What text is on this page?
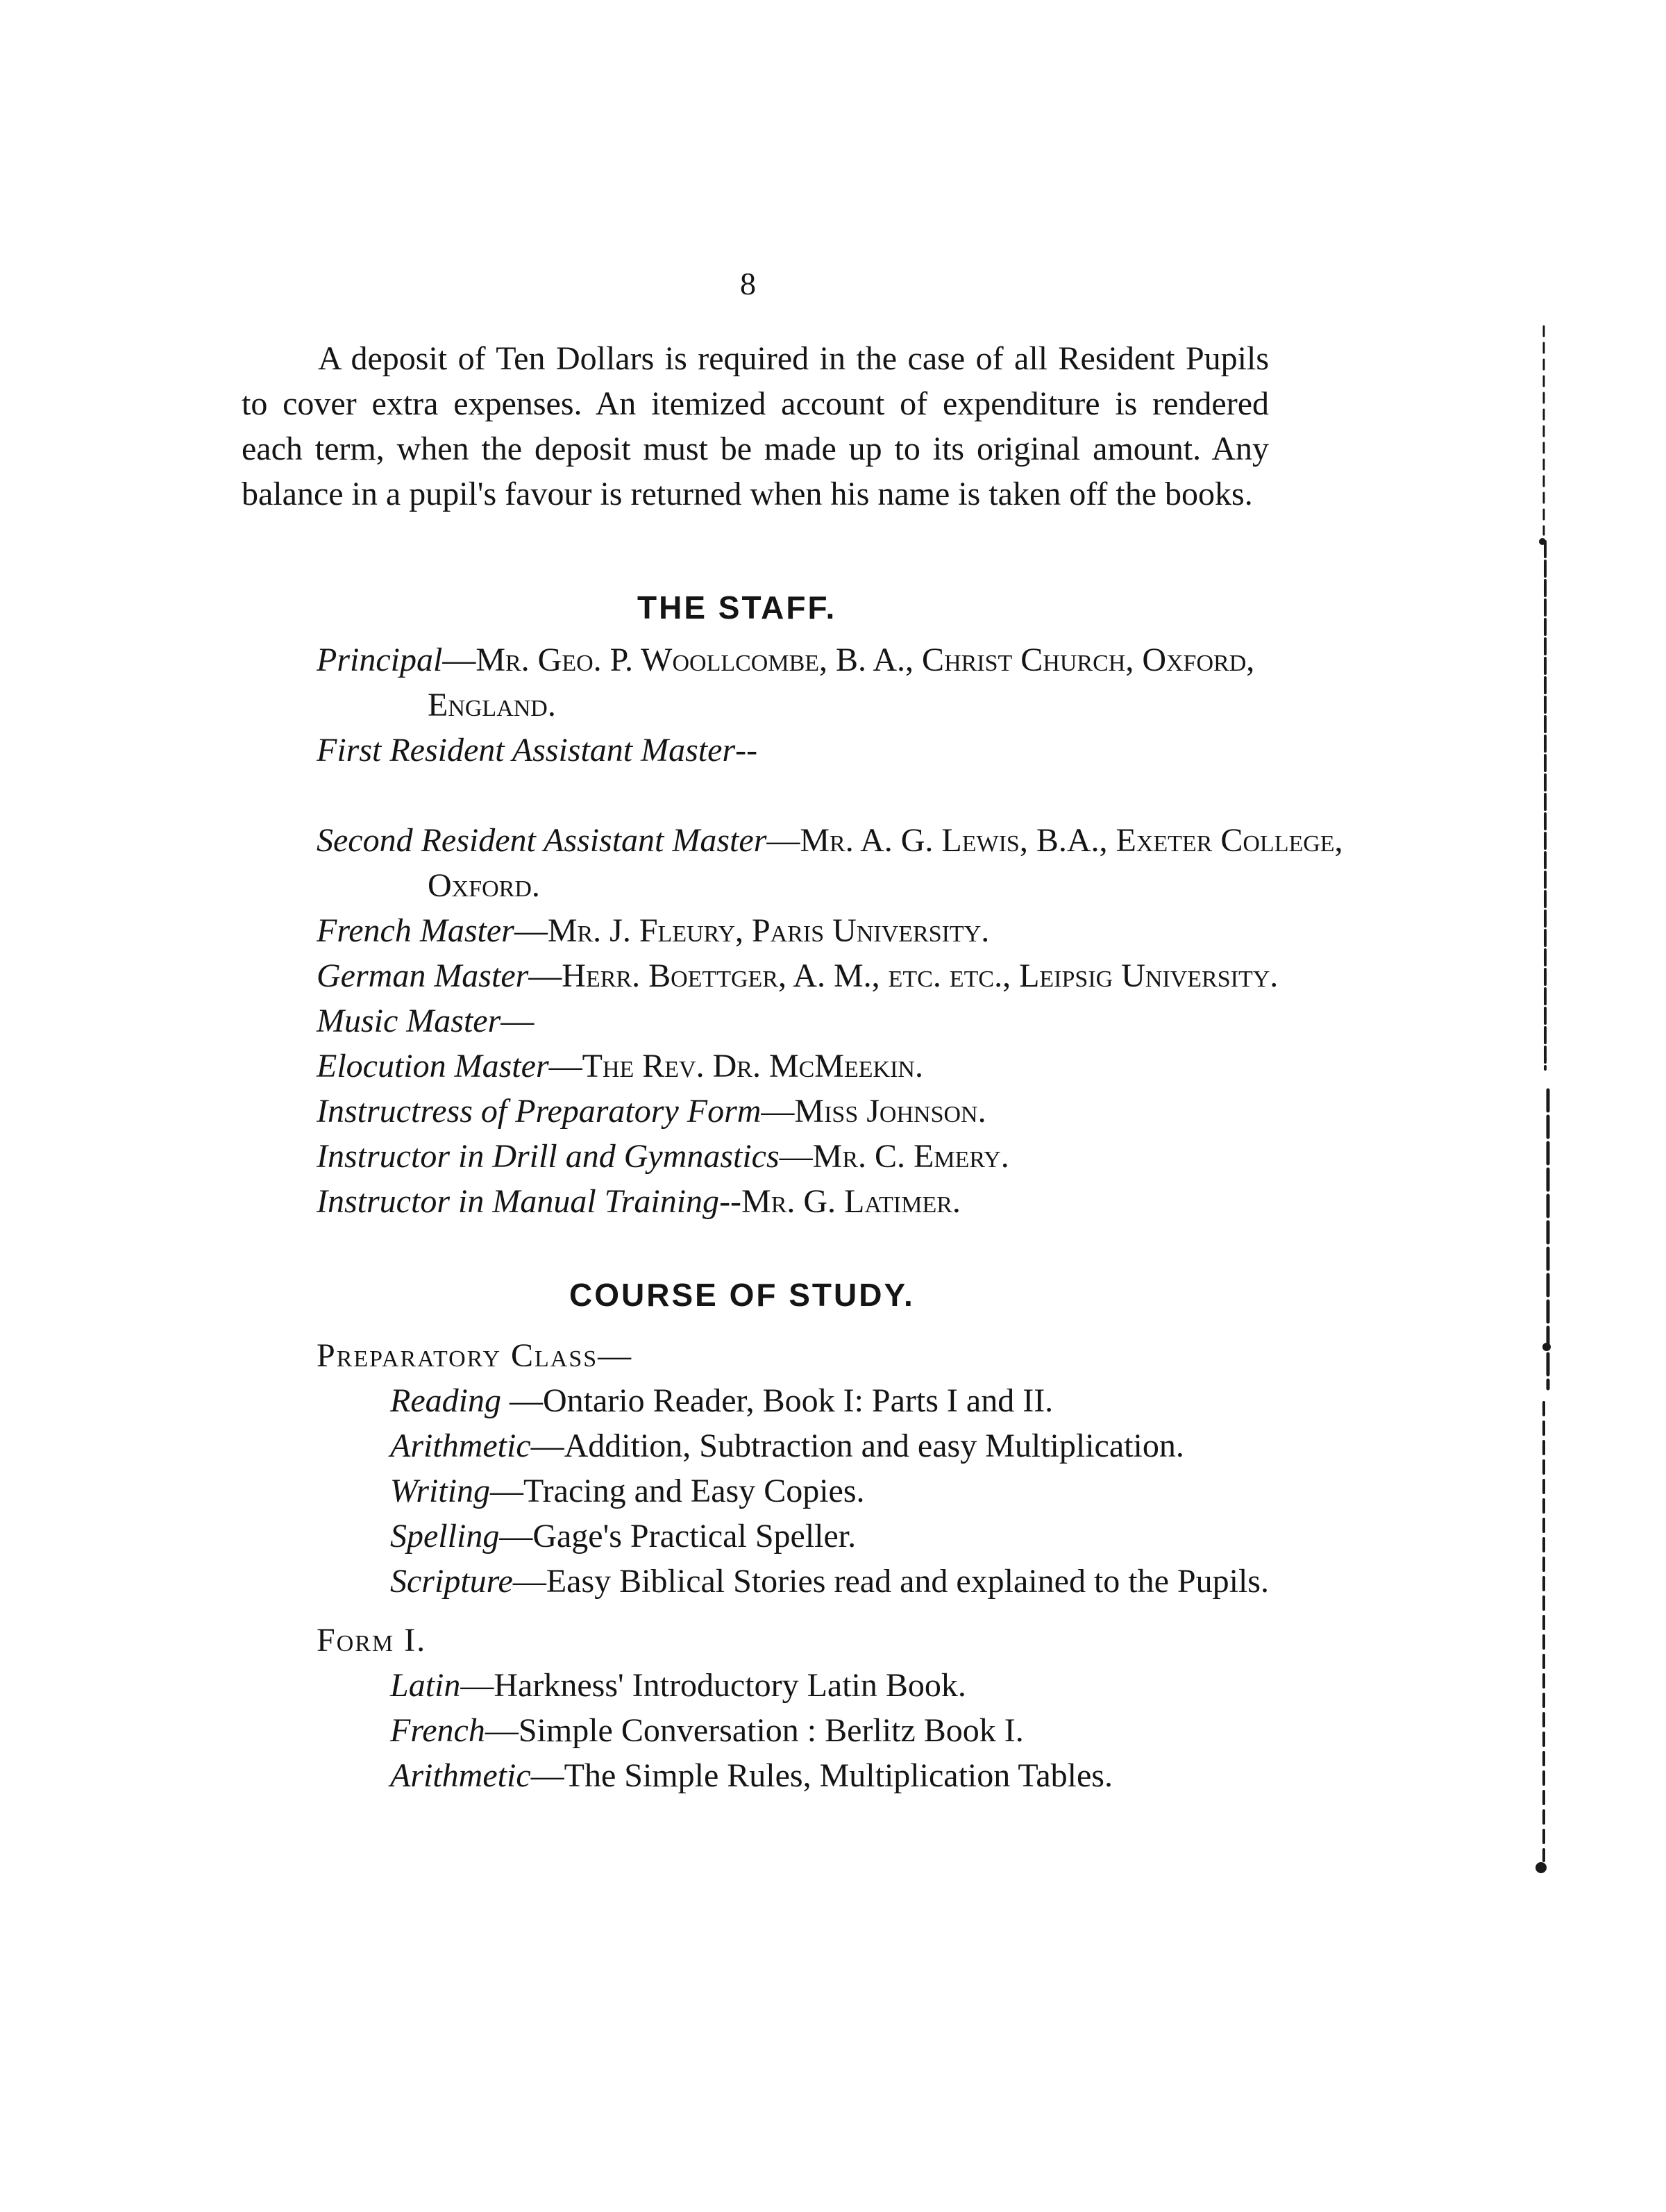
8

A deposit of Ten Dollars is required in the case of all Resident Pupils to cover extra expenses. An itemized account of expenditure is rendered each term, when the deposit must be made up to its original amount. Any balance in a pupil's favour is returned when his name is taken off the books.

THE STAFF.

Principal—Mr. Geo. P. Woollcombe, B. A., Christ Church, Oxford, England.

First Resident Assistant Master--

Second Resident Assistant Master—Mr. A. G. Lewis, B.A., Exeter College, Oxford.

French Master—Mr. J. Fleury, Paris University.

German Master—Herr. Boettger, A. M., etc. etc., Leipsig University.

Music Master—

Elocution Master—The Rev. Dr. McMeekin.

Instructress of Preparatory Form—Miss Johnson.

Instructor in Drill and Gymnastics—Mr. C. Emery.

Instructor in Manual Training--Mr. G. Latimer.

COURSE OF STUDY.

Preparatory Class—

Reading —Ontario Reader, Book I: Parts I and II.

Arithmetic—Addition, Subtraction and easy Multiplication.

Writing—Tracing and Easy Copies.

Spelling—Gage's Practical Speller.

Scripture—Easy Biblical Stories read and explained to the Pupils.

Form I.

Latin—Harkness' Introductory Latin Book.

French—Simple Conversation : Berlitz Book I.

Arithmetic—The Simple Rules, Multiplication Tables.
